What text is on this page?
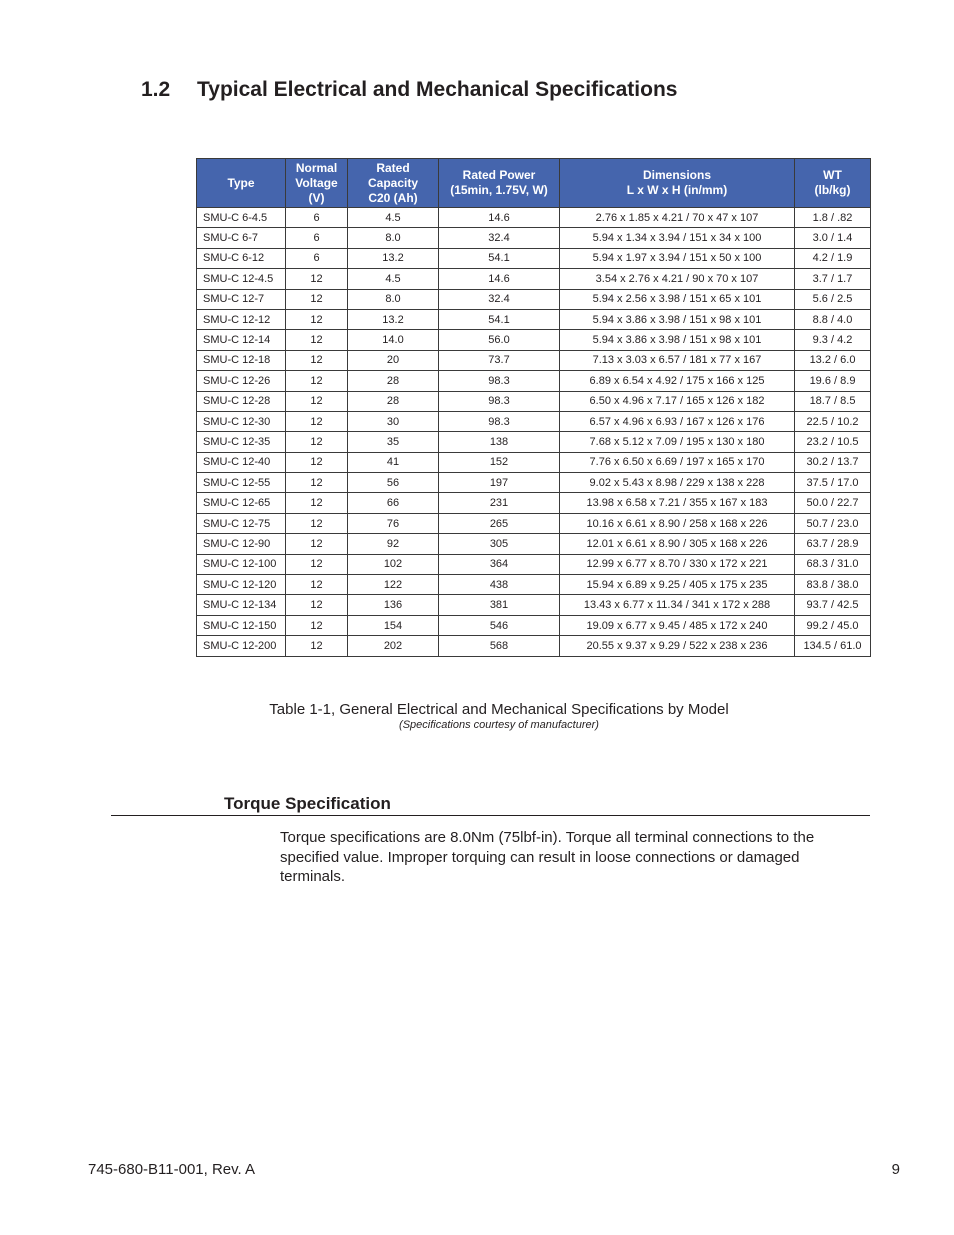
1.2 Typical Electrical and Mechanical Specifications
Type	Normal
Voltage
(V)	Rated
Capacity
C20 (Ah)	Rated Power
(15min, 1.75V, W)	Dimensions
L x W x H (in/mm)	WT
(lb/kg)
SMU-C 6-4.5	6	4.5	14.6	2.76 x 1.85 x 4.21 / 70 x 47 x 107	1.8 / .82
SMU-C 6-7	6	8.0	32.4	5.94 x 1.34 x 3.94 / 151 x 34 x 100	3.0 / 1.4
SMU-C 6-12	6	13.2	54.1	5.94 x 1.97 x 3.94 / 151 x 50 x 100	4.2 / 1.9
SMU-C 12-4.5	12	4.5	14.6	3.54 x 2.76 x 4.21 / 90 x 70 x 107	3.7 / 1.7
SMU-C 12-7	12	8.0	32.4	5.94 x 2.56 x 3.98 / 151 x 65 x 101	5.6 / 2.5
SMU-C 12-12	12	13.2	54.1	5.94 x 3.86 x 3.98 / 151 x 98 x 101	8.8 / 4.0
SMU-C 12-14	12	14.0	56.0	5.94 x 3.86 x 3.98 / 151 x 98 x 101	9.3 / 4.2
SMU-C 12-18	12	20	73.7	7.13 x 3.03 x 6.57 / 181 x 77 x 167	13.2 / 6.0
SMU-C 12-26	12	28	98.3	6.89 x 6.54 x 4.92 / 175 x 166 x 125	19.6 / 8.9
SMU-C 12-28	12	28	98.3	6.50 x 4.96 x 7.17 / 165 x 126 x 182	18.7 / 8.5
SMU-C 12-30	12	30	98.3	6.57 x 4.96 x 6.93 / 167 x 126 x 176	22.5 / 10.2
SMU-C 12-35	12	35	138	7.68 x 5.12 x 7.09 / 195 x 130 x 180	23.2 / 10.5
SMU-C 12-40	12	41	152	7.76 x 6.50 x 6.69 / 197 x 165 x 170	30.2 / 13.7
SMU-C 12-55	12	56	197	9.02 x 5.43 x 8.98 / 229 x 138 x 228	37.5 / 17.0
SMU-C 12-65	12	66	231	13.98 x 6.58 x 7.21 / 355 x 167 x 183	50.0 / 22.7
SMU-C 12-75	12	76	265	10.16 x 6.61 x 8.90 / 258 x 168 x 226	50.7 / 23.0
SMU-C 12-90	12	92	305	12.01 x 6.61 x 8.90 / 305 x 168 x 226	63.7 / 28.9
SMU-C 12-100	12	102	364	12.99 x 6.77 x 8.70 / 330 x 172 x 221	68.3 / 31.0
SMU-C 12-120	12	122	438	15.94 x 6.89 x 9.25 / 405 x 175 x 235	83.8 / 38.0
SMU-C 12-134	12	136	381	13.43 x 6.77 x 11.34 / 341 x 172 x 288	93.7 / 42.5
SMU-C 12-150	12	154	546	19.09 x 6.77 x 9.45 / 485 x 172 x 240	99.2 / 45.0
SMU-C 12-200	12	202	568	20.55 x 9.37 x 9.29 / 522 x 238 x 236	134.5 / 61.0

Table 1-1, General Electrical and Mechanical Specifications by Model

(Specifications courtesy of manufacturer)

Torque Specification

Torque specifications are 8.0Nm (75lbf-in). Torque all terminal connections to the specified value. Improper torquing can result in loose connections or damaged terminals.

745-680-B11-001, Rev. A	9
